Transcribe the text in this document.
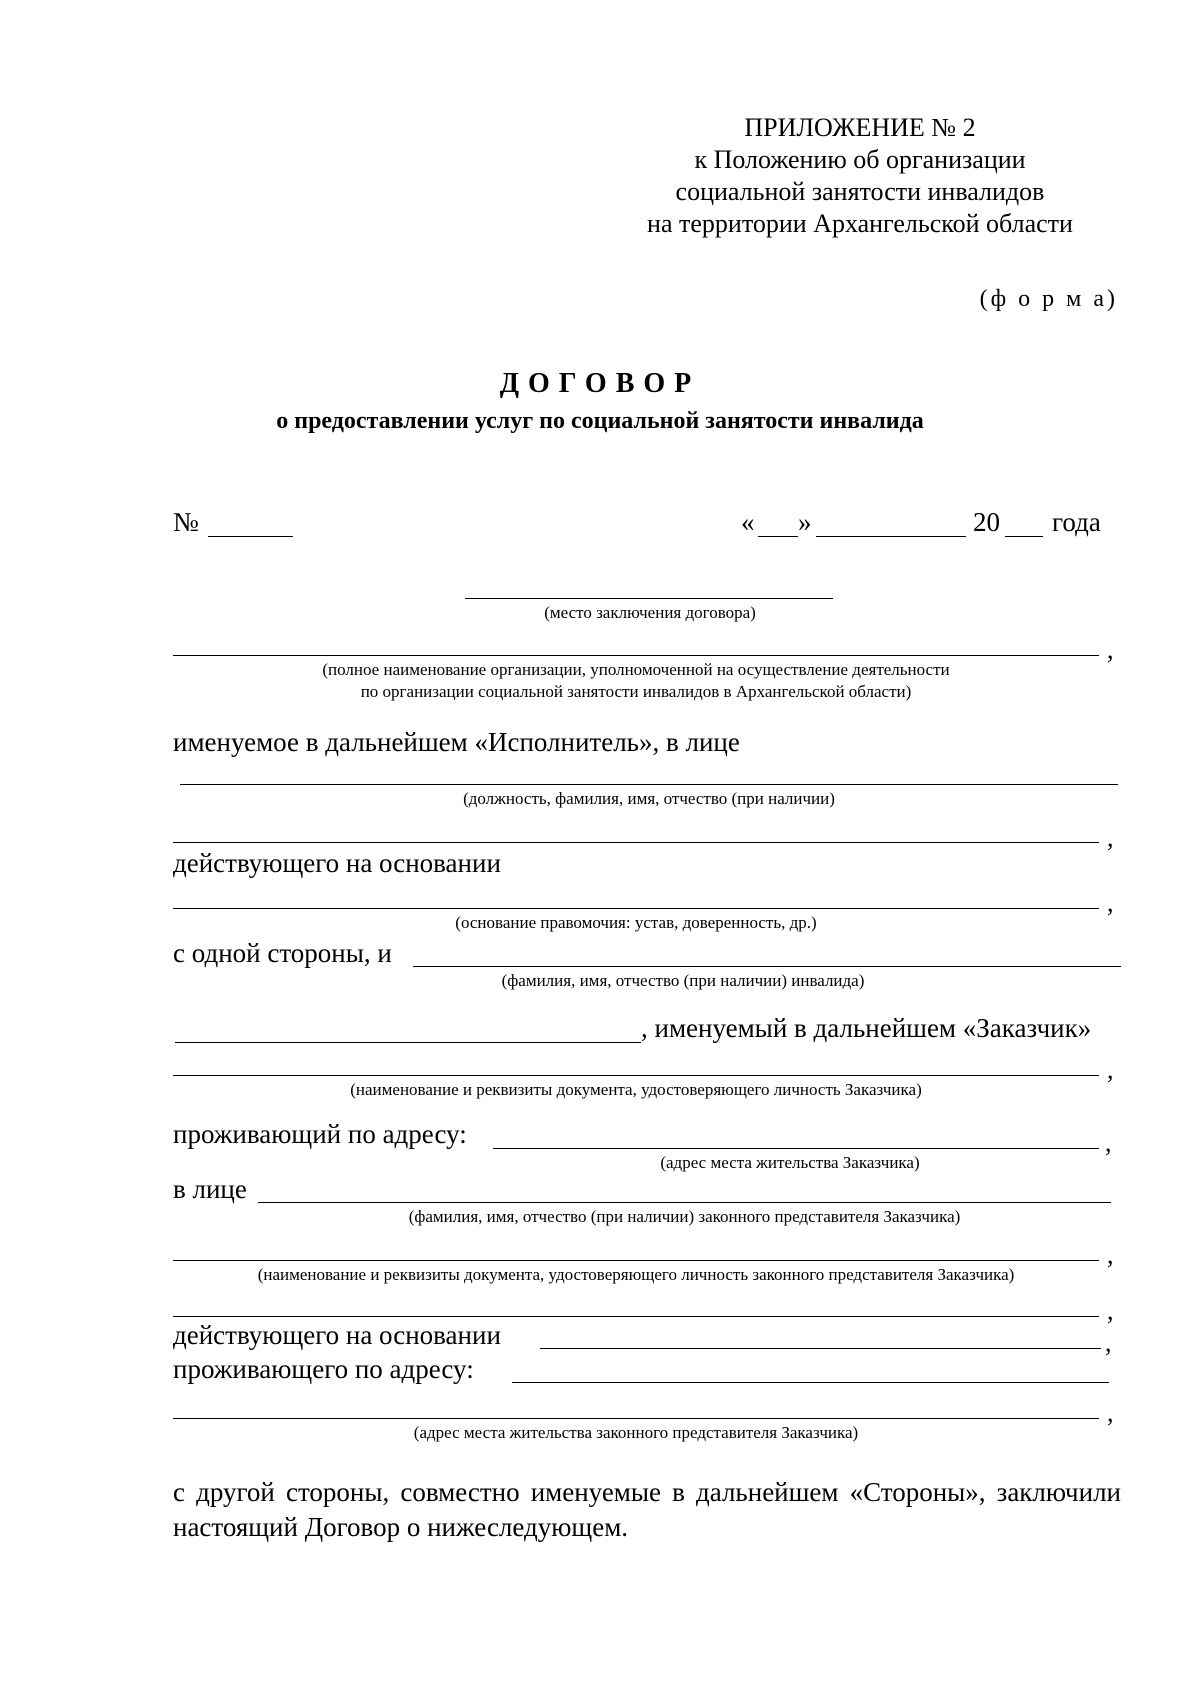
ПРИЛОЖЕНИЕ № 2
к Положению об организации
социальной занятости инвалидов
на территории Архангельской области
(ф о р м а)
ДОГОВОР
о предоставлении услуг по социальной занятости инвалида
№	« »	20 года
(место заключения договора)
,
(полное наименование организации, уполномоченной на осуществление деятельности
по организации социальной занятости инвалидов в Архангельской области)
именуемое в дальнейшем «Исполнитель», в лице
(должность, фамилия, имя, отчество (при наличии)
,
действующего на основании
,
(основание правомочия: устав, доверенность, др.)
с одной стороны, и
(фамилия, имя, отчество (при наличии) инвалида)
, именуемый в дальнейшем «Заказчик»
,
(наименование и реквизиты документа, удостоверяющего личность Заказчика)
проживающий по адресу:	,
(адрес места жительства Заказчика)
в лице
(фамилия, имя, отчество (при наличии) законного представителя Заказчика)
,
(наименование и реквизиты документа, удостоверяющего личность законного представителя Заказчика)
,
действующего на основании	,
проживающего по адресу:
,
(адрес места жительства законного представителя Заказчика)
с другой стороны, совместно именуемые в дальнейшем «Стороны», заключили настоящий Договор о нижеследующем.
